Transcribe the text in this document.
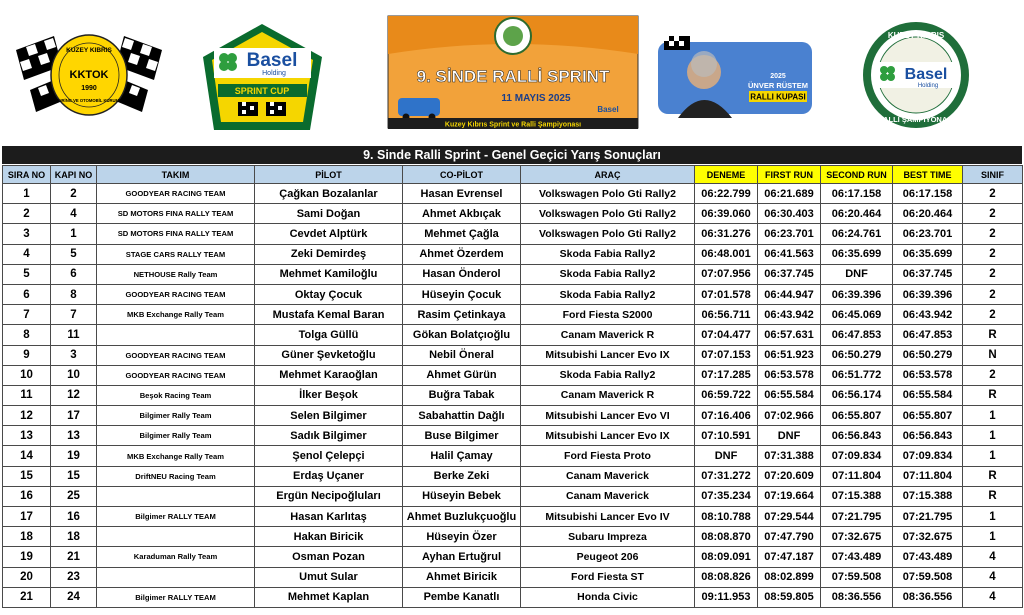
KUZEY KIBRIS
KKTOK
1990
TURİNG VE OTOMOBİL KURUMU
Basel
Holding
SPRINT CUP
9. SİNDE RALLİ SPRINT
11 MAYIS 2025
Basel
Kuzey Kıbrıs Sprint ve Ralli Şampiyonası
2025
ÜNVER RÜSTEM
RALLI KUPASI
KUZEY KIBRIS
Basel
Holding
RALLİ ŞAMPİYONASI
9. Sinde Ralli Sprint - Genel Geçici Yarış Sonuçları
SIRA NO	KAPI NO	TAKIM	PİLOT	CO-PİLOT	ARAÇ	DENEME	FIRST RUN	SECOND RUN	BEST TIME	SINIF
1	2	GOODYEAR RACING TEAM	Çağkan Bozalanlar	Hasan Evrensel	Volkswagen Polo Gti Rally2	06:22.799	06:21.689	06:17.158	06:17.158	2
2	4	SD MOTORS FINA RALLY TEAM	Sami Doğan	Ahmet Akbıçak	Volkswagen Polo Gti Rally2	06:39.060	06:30.403	06:20.464	06:20.464	2
3	1	SD MOTORS FINA RALLY TEAM	Cevdet Alptürk	Mehmet Çağla	Volkswagen Polo Gti Rally2	06:31.276	06:23.701	06:24.761	06:23.701	2
4	5	STAGE CARS RALLY TEAM	Zeki Demirdeş	Ahmet Özerdem	Skoda Fabia Rally2	06:48.001	06:41.563	06:35.699	06:35.699	2
5	6	NETHOUSE Rally Team	Mehmet Kamiloğlu	Hasan Önderol	Skoda Fabia Rally2	07:07.956	06:37.745	DNF	06:37.745	2
6	8	GOODYEAR RACING TEAM	Oktay Çocuk	Hüseyin Çocuk	Skoda Fabia Rally2	07:01.578	06:44.947	06:39.396	06:39.396	2
7	7	MKB Exchange Rally Team	Mustafa Kemal Baran	Rasim Çetinkaya	Ford Fiesta S2000	06:56.711	06:43.942	06:45.069	06:43.942	2
8	11		Tolga Güllü	Gökan Bolatçıoğlu	Canam Maverick R	07:04.477	06:57.631	06:47.853	06:47.853	R
9	3	GOODYEAR RACING TEAM	Güner Şevketoğlu	Nebil Öneral	Mitsubishi Lancer Evo IX	07:07.153	06:51.923	06:50.279	06:50.279	N
10	10	GOODYEAR RACING TEAM	Mehmet Karaoğlan	Ahmet Gürün	Skoda Fabia Rally2	07:17.285	06:53.578	06:51.772	06:53.578	2
11	12	Beşok Racing Team	İlker Beşok	Buğra Tabak	Canam Maverick R	06:59.722	06:55.584	06:56.174	06:55.584	R
12	17	Bilgimer Rally Team	Selen Bilgimer	Sabahattin Dağlı	Mitsubishi Lancer Evo VI	07:16.406	07:02.966	06:55.807	06:55.807	1
13	13	Bilgimer Rally Team	Sadık Bilgimer	Buse Bilgimer	Mitsubishi Lancer Evo IX	07:10.591	DNF	06:56.843	06:56.843	1
14	19	MKB Exchange Rally Team	Şenol Çelepçi	Halil Çamay	Ford Fiesta Proto	DNF	07:31.388	07:09.834	07:09.834	1
15	15	DriftNEU Racing Team	Erdaş Uçaner	Berke Zeki	Canam Maverick	07:31.272	07:20.609	07:11.804	07:11.804	R
16	25		Ergün Necipoğluları	Hüseyin Bebek	Canam Maverick	07:35.234	07:19.664	07:15.388	07:15.388	R
17	16	Bilgimer RALLY TEAM	Hasan Karlıtaş	Ahmet Buzlukçuoğlu	Mitsubishi Lancer Evo IV	08:10.788	07:29.544	07:21.795	07:21.795	1
18	18		Hakan Biricik	Hüseyin Özer	Subaru Impreza	08:08.870	07:47.790	07:32.675	07:32.675	1
19	21	Karaduman Rally Team	Osman Pozan	Ayhan Ertuğrul	Peugeot 206	08:09.091	07:47.187	07:43.489	07:43.489	4
20	23		Umut Sular	Ahmet Biricik	Ford Fiesta ST	08:08.826	08:02.899	07:59.508	07:59.508	4
21	24	Bilgimer RALLY TEAM	Mehmet Kaplan	Pembe Kanatlı	Honda Civic	09:11.953	08:59.805	08:36.556	08:36.556	4
